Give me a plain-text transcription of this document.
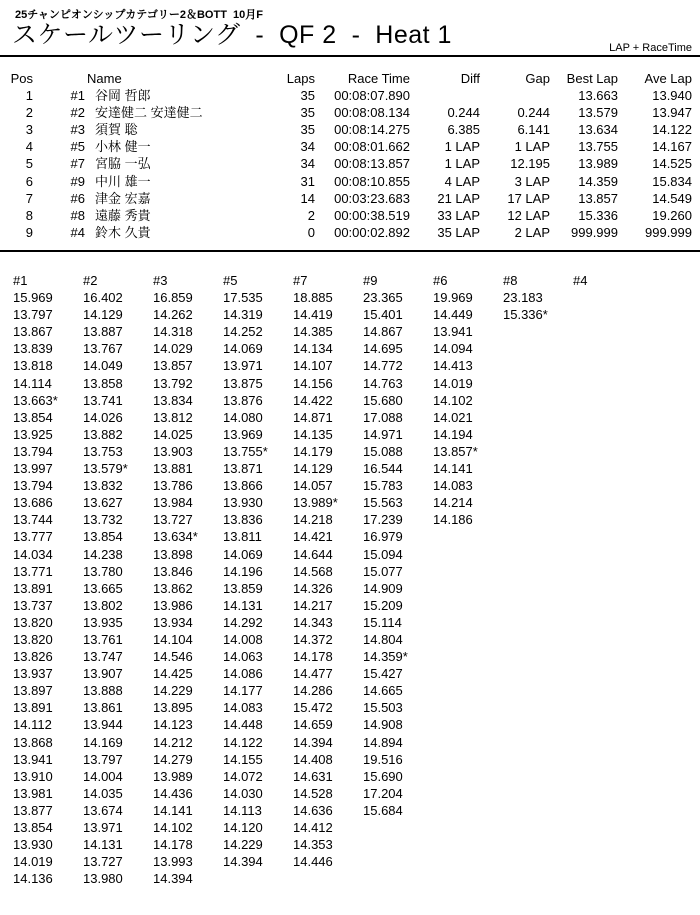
25チャンピオンシップカテゴリー2＆BOTT  10月F
スケールツーリング  -  QF 2  -  Heat 1	LAP + RaceTime
Pos		Name	Laps	Race Time	Diff	Gap	Best Lap	Ave Lap
1	#1	谷岡 哲郎	35	00:08:07.890			13.663	13.940
2	#2	安達健二 安達健二	35	00:08:08.134	0.244	0.244	13.579	13.947
3	#3	須賀 聡	35	00:08:14.275	6.385	6.141	13.634	14.122
4	#5	小林 健一	34	00:08:01.662	1 LAP	1 LAP	13.755	14.167
5	#7	宮脇 一弘	34	00:08:13.857	1 LAP	12.195	13.989	14.525
6	#9	中川 雄一	31	00:08:10.855	4 LAP	3 LAP	14.359	15.834
7	#6	津金 宏嘉	14	00:03:23.683	21 LAP	17 LAP	13.857	14.549
8	#8	遠藤 秀貴	2	00:00:38.519	33 LAP	12 LAP	15.336	19.260
9	#4	鈴木 久貴	0	00:00:02.892	35 LAP	2 LAP	999.999	999.999
#1	#2	#3	#5	#7	#9	#6	#8	#4
15.969	16.402	16.859	17.535	18.885	23.365	19.969	23.183	
13.797	14.129	14.262	14.319	14.419	15.401	14.449	15.336*	
13.867	13.887	14.318	14.252	14.385	14.867	13.941		
13.839	13.767	14.029	14.069	14.134	14.695	14.094		
13.818	14.049	13.857	13.971	14.107	14.772	14.413		
14.114	13.858	13.792	13.875	14.156	14.763	14.019		
13.663*	13.741	13.834	13.876	14.422	15.680	14.102		
13.854	14.026	13.812	14.080	14.871	17.088	14.021		
13.925	13.882	14.025	13.969	14.135	14.971	14.194		
13.794	13.753	13.903	13.755*	14.179	15.088	13.857*		
13.997	13.579*	13.881	13.871	14.129	16.544	14.141		
13.794	13.832	13.786	13.866	14.057	15.783	14.083		
13.686	13.627	13.984	13.930	13.989*	15.563	14.214		
13.744	13.732	13.727	13.836	14.218	17.239	14.186		
13.777	13.854	13.634*	13.811	14.421	16.979			
14.034	14.238	13.898	14.069	14.644	15.094			
13.771	13.780	13.846	14.196	14.568	15.077			
13.891	13.665	13.862	13.859	14.326	14.909			
13.737	13.802	13.986	14.131	14.217	15.209			
13.820	13.935	13.934	14.292	14.343	15.114			
13.820	13.761	14.104	14.008	14.372	14.804			
13.826	13.747	14.546	14.063	14.178	14.359*			
13.937	13.907	14.425	14.086	14.477	15.427			
13.897	13.888	14.229	14.177	14.286	14.665			
13.891	13.861	13.895	14.083	15.472	15.503			
14.112	13.944	14.123	14.448	14.659	14.908			
13.868	14.169	14.212	14.122	14.394	14.894			
13.941	13.797	14.279	14.155	14.408	19.516			
13.910	14.004	13.989	14.072	14.631	15.690			
13.981	14.035	14.436	14.030	14.528	17.204			
13.877	13.674	14.141	14.113	14.636	15.684			
13.854	13.971	14.102	14.120	14.412				
13.930	14.131	14.178	14.229	14.353				
14.019	13.727	13.993	14.394	14.446				
14.136	13.980	14.394						
